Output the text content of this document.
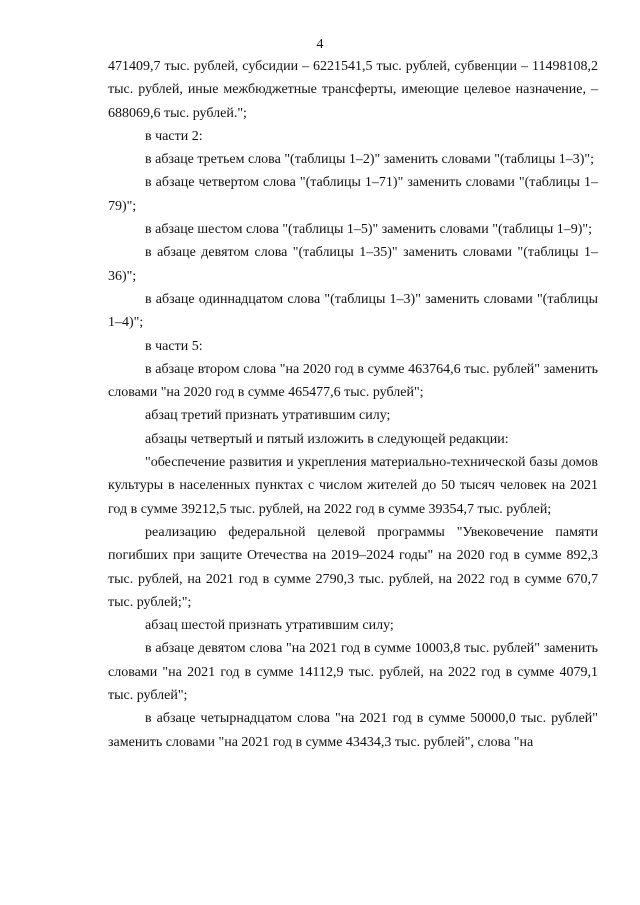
4

471409,7 тыс. рублей, субсидии – 6221541,5 тыс. рублей, субвенции – 11498108,2 тыс. рублей, иные межбюджетные трансферты, имеющие целевое назначение, – 688069,6 тыс. рублей.";

в части 2:

в абзаце третьем слова "(таблицы 1–2)" заменить словами "(таблицы 1–3)";

в абзаце четвертом слова "(таблицы 1–71)" заменить словами "(таблицы 1–79)";

в абзаце шестом слова "(таблицы 1–5)" заменить словами "(таблицы 1–9)";

в абзаце девятом слова "(таблицы 1–35)" заменить словами "(таблицы 1–36)";

в абзаце одиннадцатом слова "(таблицы 1–3)" заменить словами "(таблицы 1–4)";

в части 5:

в абзаце втором слова "на 2020 год в сумме 463764,6 тыс. рублей" заменить словами "на 2020 год в сумме 465477,6 тыс. рублей";

абзац третий признать утратившим силу;

абзацы четвертый и пятый изложить в следующей редакции:

"обеспечение развития и укрепления материально-технической базы домов культуры в населенных пунктах с числом жителей до 50 тысяч человек на 2021 год в сумме 39212,5 тыс. рублей, на 2022 год в сумме 39354,7 тыс. рублей;

реализацию федеральной целевой программы "Увековечение памяти погибших при защите Отечества на 2019–2024 годы" на 2020 год в сумме 892,3 тыс. рублей, на 2021 год в сумме 2790,3 тыс. рублей, на 2022 год в сумме 670,7 тыс. рублей;";

абзац шестой признать утратившим силу;

в абзаце девятом слова "на 2021 год в сумме 10003,8 тыс. рублей" заменить словами "на 2021 год в сумме 14112,9 тыс. рублей, на 2022 год в сумме 4079,1 тыс. рублей";

в абзаце четырнадцатом слова "на 2021 год в сумме 50000,0 тыс. рублей" заменить словами "на 2021 год в сумме 43434,3 тыс. рублей", слова "на
